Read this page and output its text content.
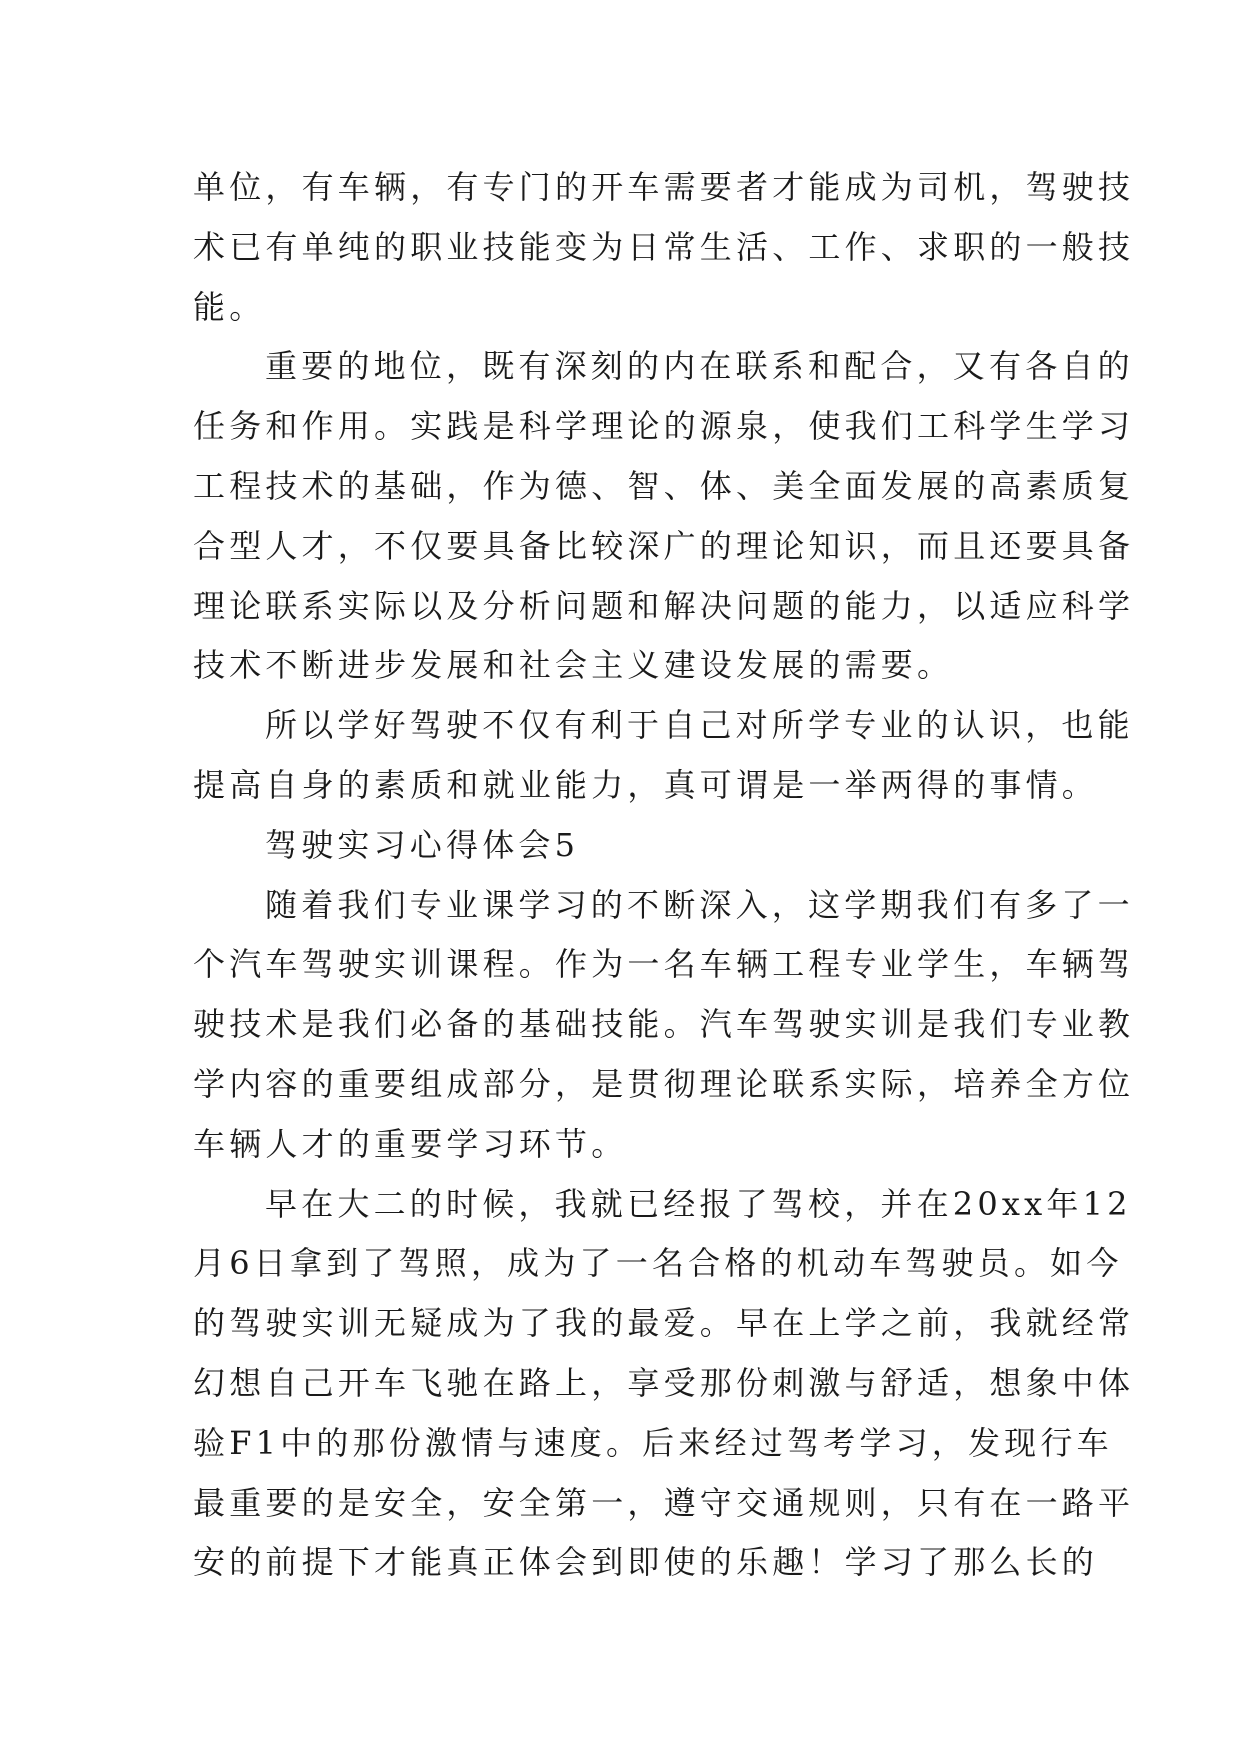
单位，有车辆，有专门的开车需要者才能成为司机，驾驶技
术已有单纯的职业技能变为日常生活、工作、求职的一般技
能。
重要的地位，既有深刻的内在联系和配合，又有各自的
任务和作用。实践是科学理论的源泉，使我们工科学生学习
工程技术的基础，作为德、智、体、美全面发展的高素质复
合型人才，不仅要具备比较深广的理论知识，而且还要具备
理论联系实际以及分析问题和解决问题的能力，以适应科学
技术不断进步发展和社会主义建设发展的需要。
所以学好驾驶不仅有利于自己对所学专业的认识，也能
提高自身的素质和就业能力，真可谓是一举两得的事情。
驾驶实习心得体会5
随着我们专业课学习的不断深入，这学期我们有多了一
个汽车驾驶实训课程。作为一名车辆工程专业学生，车辆驾
驶技术是我们必备的基础技能。汽车驾驶实训是我们专业教
学内容的重要组成部分，是贯彻理论联系实际，培养全方位
车辆人才的重要学习环节。
早在大二的时候，我就已经报了驾校，并在20xx年12
月6日拿到了驾照，成为了一名合格的机动车驾驶员。如今
的驾驶实训无疑成为了我的最爱。早在上学之前，我就经常
幻想自己开车飞驰在路上，享受那份刺激与舒适，想象中体
验F1中的那份激情与速度。后来经过驾考学习，发现行车
最重要的是安全，安全第一，遵守交通规则，只有在一路平
安的前提下才能真正体会到即使的乐趣！学习了那么长的
